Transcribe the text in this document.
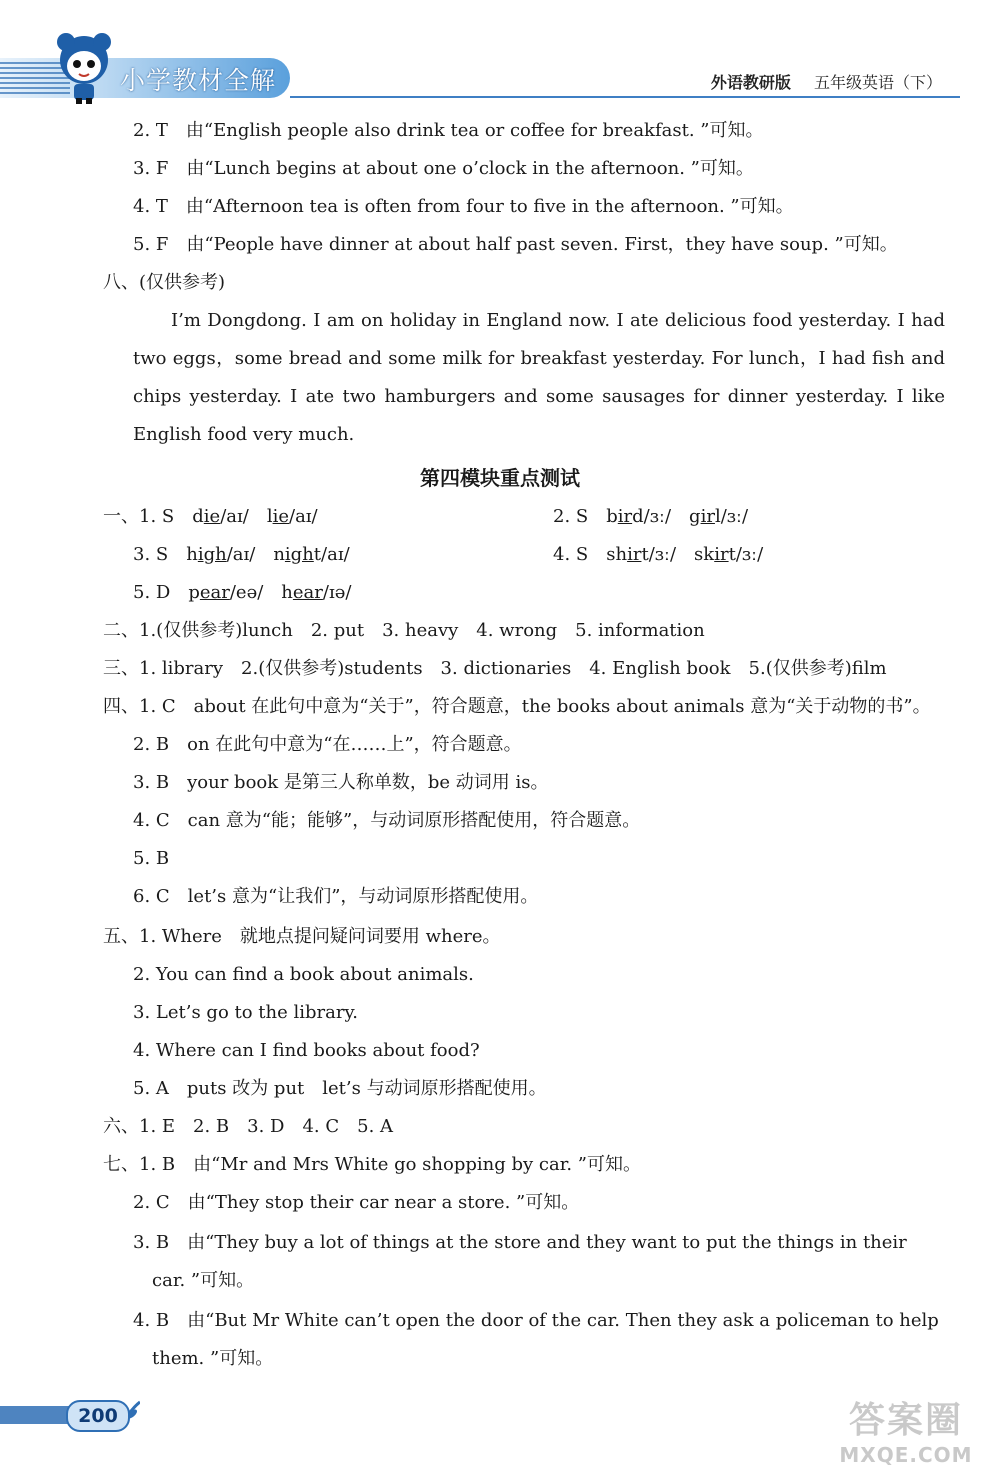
小学教材全解	外语教研版 五年级英语（下）
2. T　由“English people also drink tea or coffee for breakfast. ”可知。
3. F　由“Lunch begins at about one o’clock in the afternoon. ”可知。
4. T　由“Afternoon tea is often from four to five in the afternoon. ”可知。
5. F　由“People have dinner at about half past seven. First，they have soup. ”可知。
八、(仅供参考)
I’m Dongdong. I am on holiday in England now. I ate delicious food yesterday. I had two eggs，some bread and some milk for breakfast yesterday. For lunch，I had fish and chips yesterday. I ate two hamburgers and some sausages for dinner yesterday. I like English food very much.
第四模块重点测试
一、1. S die/aɪ/ lie/aɪ/	2. S bird/ɜː/ girl/ɜː/
3. S high/aɪ/ night/aɪ/	4. S shirt/ɜː/ skirt/ɜː/
5. D pear/eə/ hear/ɪə/
二、1.(仅供参考)lunch　2. put　3. heavy　4. wrong　5. information
三、1. library　2.(仅供参考)students　3. dictionaries　4. English book　5.(仅供参考)film
四、1. C　about 在此句中意为“关于”，符合题意，the books about animals 意为“关于动物的书”。
2. B　on 在此句中意为“在……上”，符合题意。
3. B　your book 是第三人称单数，be 动词用 is。
4. C　can 意为“能；能够”，与动词原形搭配使用，符合题意。
5. B
6. C　let’s 意为“让我们”，与动词原形搭配使用。
五、1. Where　就地点提问疑问词要用 where。
2. You can find a book about animals.
3. Let’s go to the library.
4. Where can I find books about food?
5. A　puts 改为 put　let’s 与动词原形搭配使用。
六、1. E　2. B　3. D　4. C　5. A
七、1. B　由“Mr and Mrs White go shopping by car. ”可知。
2. C　由“They stop their car near a store. ”可知。
3. B　由“They buy a lot of things at the store and they want to put the things in their
car. ”可知。
4. B　由“But Mr White can’t open the door of the car. Then they ask a policeman to help
them. ”可知。
200	答案圈
MXQE.COM
